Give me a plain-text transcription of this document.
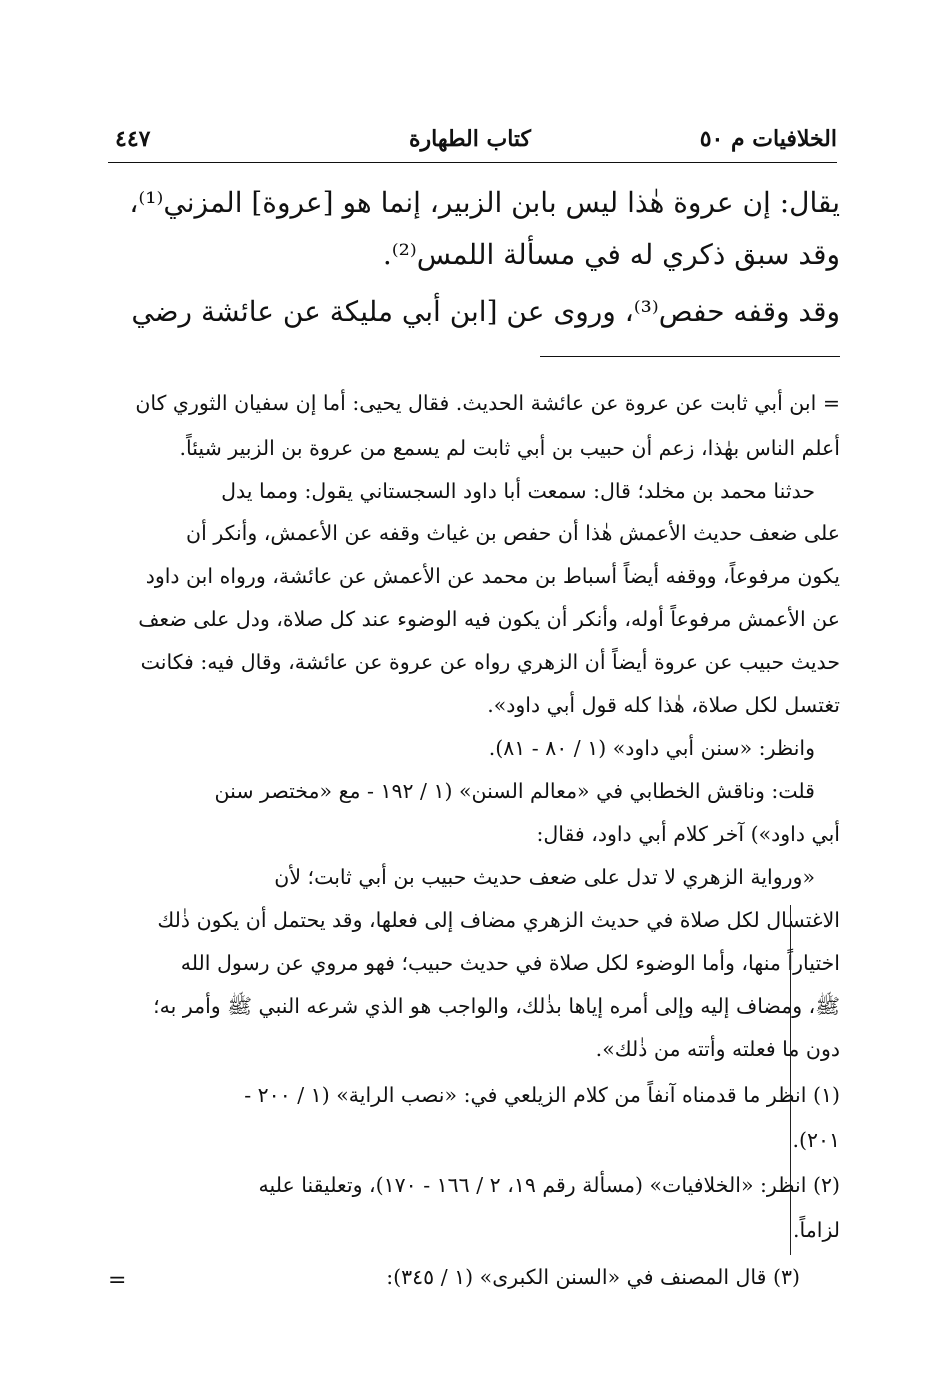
الخلافيات م ٥٠
كتاب الطهارة
٤٤٧
يقال: إن عروة هٰذا ليس بابن الزبير، إنما هو [عروة] المزني⁽¹⁾،
وقد سبق ذكري له في مسألة اللمس⁽²⁾.
وقد وقفه حفص⁽³⁾، وروى عن [ابن أبي مليكة عن عائشة رضي
= ابن أبي ثابت عن عروة عن عائشة الحديث. فقال يحيى: أما إن سفيان الثوري كان
أعلم الناس بهٰذا، زعم أن حبيب بن أبي ثابت لم يسمع من عروة بن الزبير شيئاً.
حدثنا محمد بن مخلد؛ قال: سمعت أبا داود السجستاني يقول: ومما يدل
على ضعف حديث الأعمش هٰذا أن حفص بن غياث وقفه عن الأعمش، وأنكر أن
يكون مرفوعاً، ووقفه أيضاً أسباط بن محمد عن الأعمش عن عائشة، ورواه ابن داود
عن الأعمش مرفوعاً أوله، وأنكر أن يكون فيه الوضوء عند كل صلاة، ودل على ضعف
حديث حبيب عن عروة أيضاً أن الزهري رواه عن عروة عن عائشة، وقال فيه: فكانت
تغتسل لكل صلاة، هٰذا كله قول أبي داود».
وانظر: «سنن أبي داود» (١ / ٨٠ - ٨١).
قلت: وناقش الخطابي في «معالم السنن» (١ / ١٩٢ - مع «مختصر سنن
أبي داود») آخر كلام أبي داود، فقال:
«ورواية الزهري لا تدل على ضعف حديث حبيب بن أبي ثابت؛ لأن
الاغتسال لكل صلاة في حديث الزهري مضاف إلى فعلها، وقد يحتمل أن يكون ذٰلك
اختياراً منها، وأما الوضوء لكل صلاة في حديث حبيب؛ فهو مروي عن رسول الله
ﷺ، ومضاف إليه وإلى أمره إياها بذٰلك، والواجب هو الذي شرعه النبي ﷺ وأمر به؛
دون ما فعلته وأتته من ذٰلك».
(١) انظر ما قدمناه آنفاً من كلام الزيلعي في: «نصب الراية» (١ / ٢٠٠ -
٢٠١).
(٢) انظر: «الخلافيات» (مسألة رقم ١٩، ٢ / ١٦٦ - ١٧٠)، وتعليقنا عليه
لزاماً.
(٣) قال المصنف في «السنن الكبرى» (١ / ٣٤٥):
=
